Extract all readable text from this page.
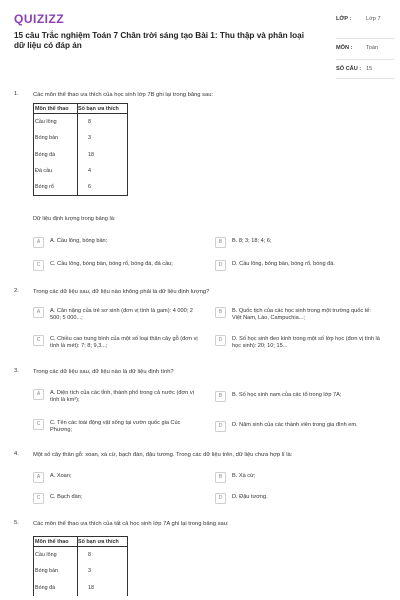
QUIZIZZ
15 câu Trắc nghiệm Toán 7 Chân trời sáng tạo Bài 1: Thu thập và phân loại dữ liệu có đáp án
LỚP :	Lớp 7
MÔN :	Toán
SỐ CÂU : 15
1. Các môn thể thao ưa thích của học sinh lớp 7B ghi lại trong bảng sau:
Môn thể thao	Số bạn ưa thích
Cầu lông	8
Bóng bàn	3
Bóng đá	18
Đá cầu	4
Bóng rổ	6
Dữ liệu định lượng trong bảng là:
A	A. Cầu lông, bóng bàn;	B	B. 8; 3; 18; 4; 6;
C	C. Cầu lông, bóng bàn, bóng rổ, bóng đá, đá cầu;	D	D. Cầu lông, bóng bàn, bóng rổ, bóng đá.
2. Trong các dữ liệu sau, dữ liệu nào không phải là dữ liệu định lượng?
A	A. Cân nặng của trẻ sơ sinh (đơn vị tính là gam): 4 000; 2 500; 5 000...;
B	B. Quốc tịch của các học sinh trong một trường quốc tế: Việt Nam, Lào, Campuchia...;
C	C. Chiều cao trung bình của một số loại thân cây gỗ (đơn vị tính là mét): 7; 8; 9,3...;
D	D. Số học sinh đeo kính trong một số lớp học (đơn vị tính là học sinh): 20; 10; 15...
3. Trong các dữ liệu sau, dữ liệu nào là dữ liệu định tính?
A	A. Diện tích của các tỉnh, thành phố trong cả nước (đơn vị tính là km²);
B	B. Số học sinh nam của các tổ trong lớp 7A;
C	C. Tên các loài động vật sống tại vườn quốc gia Cúc Phương;
D	D. Năm sinh của các thành viên trong gia đình em.
4. Một số cây thân gỗ: xoan, xà cừ, bạch đàn, đậu tương. Trong các dữ liệu trên, dữ liệu chưa hợp lí là:
A	A. Xoan;	B	B. Xà cừ;
C	C. Bạch đàn;	D	D. Đậu tương.
5. Các môn thể thao ưa thích của tất cả học sinh lớp 7A ghi lại trong bảng sau:
Môn thể thao	Số bạn ưa thích
Cầu lông	8
Bóng bàn	3
Bóng đá	18
